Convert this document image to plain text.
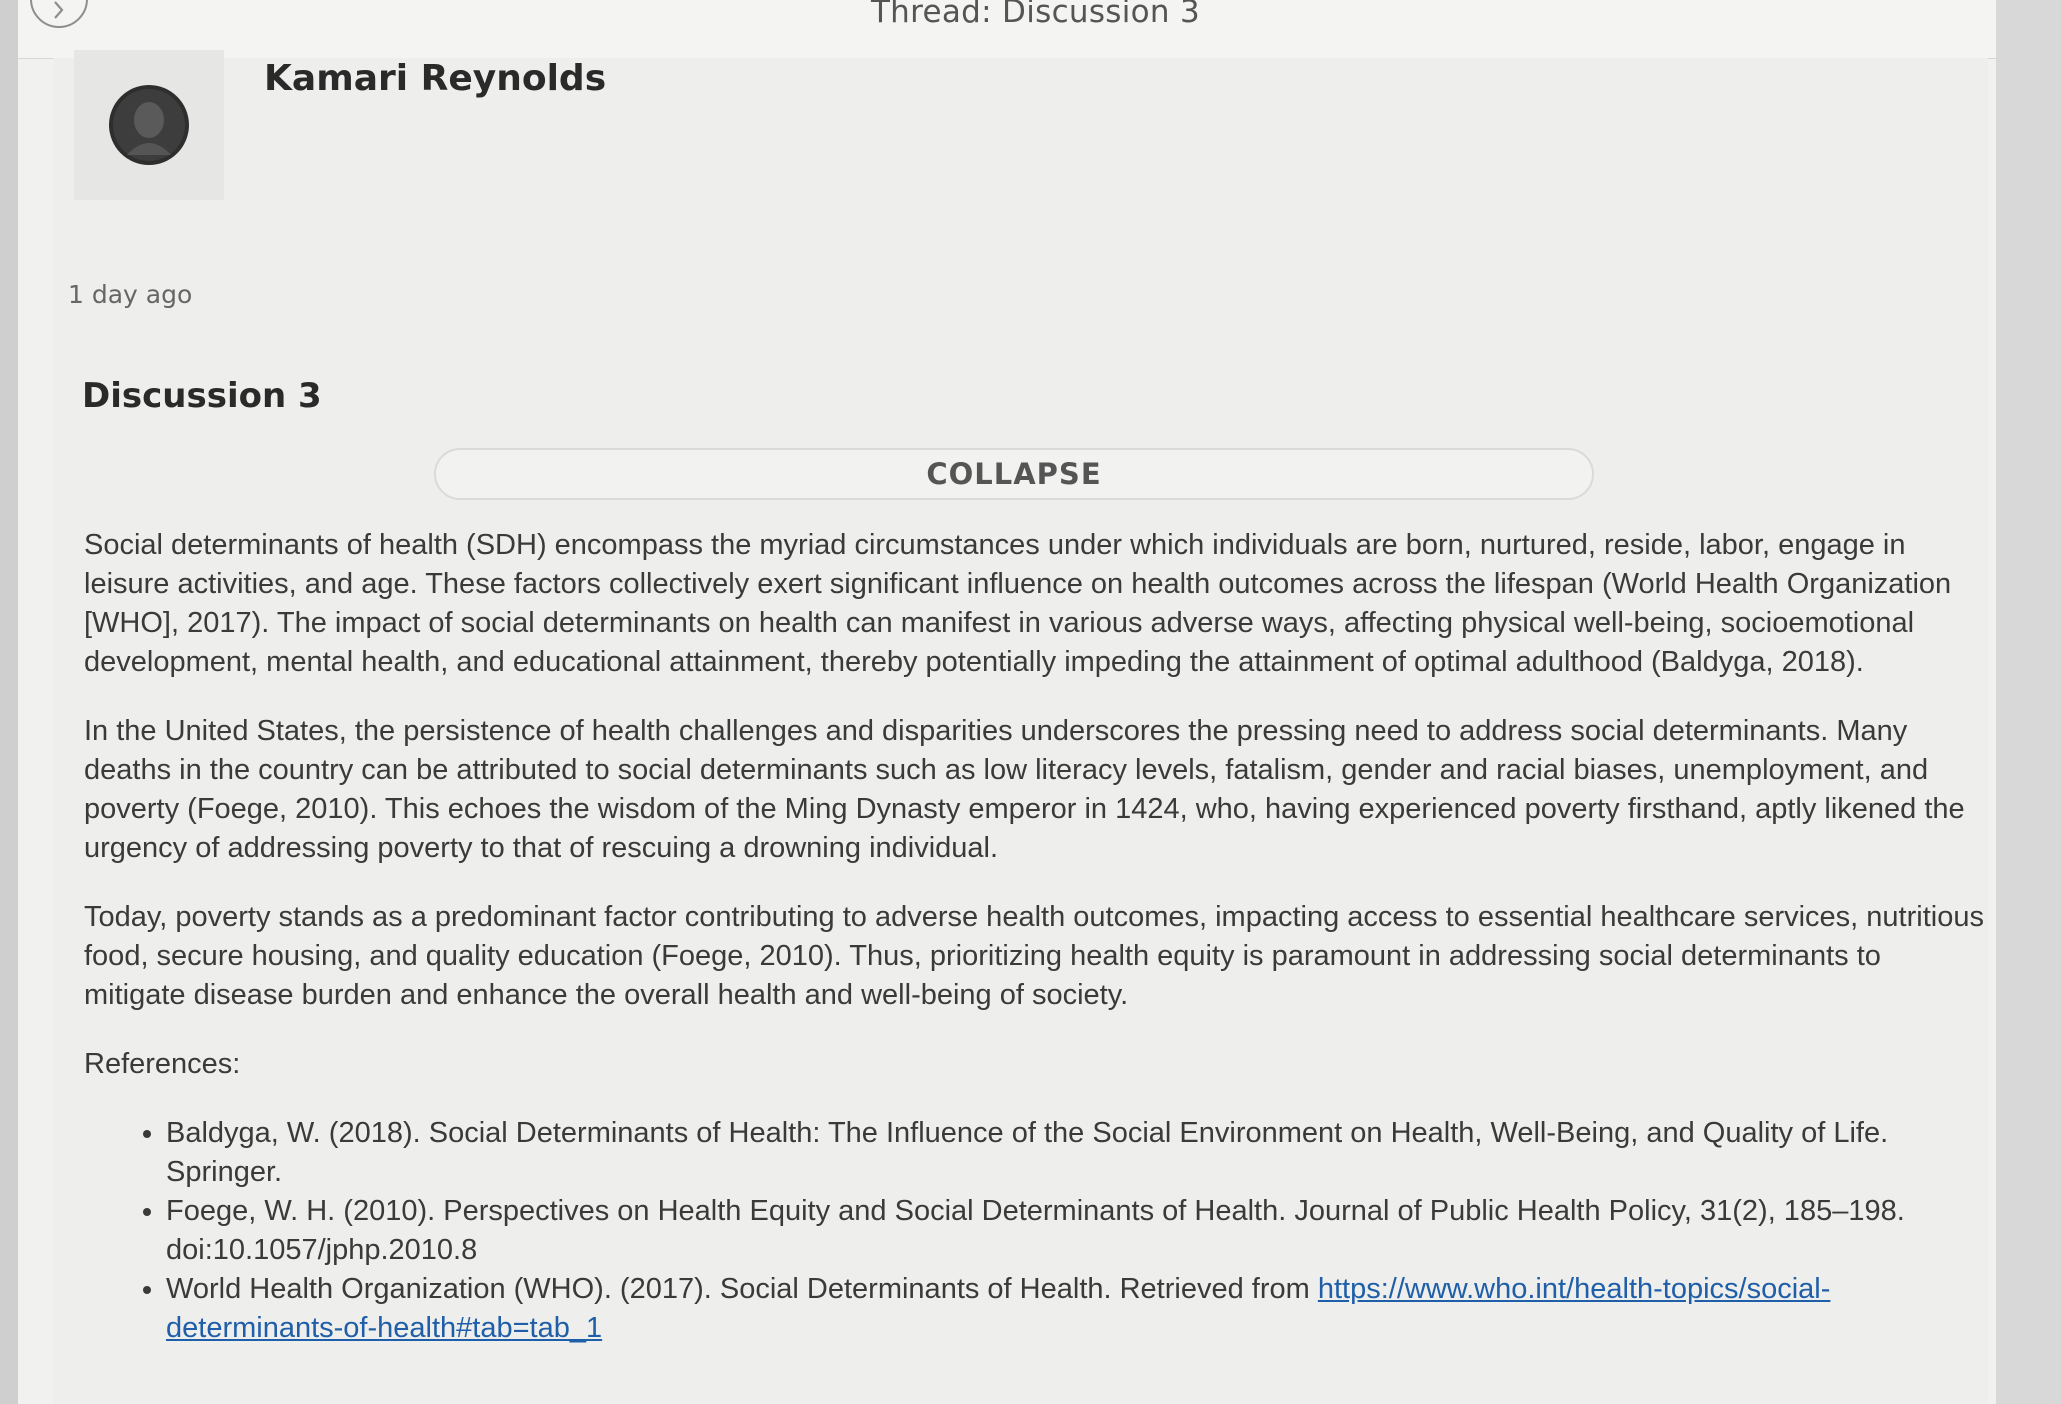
Thread: Discussion 3
Kamari Reynolds
1 day ago
Discussion 3
COLLAPSE

Social determinants of health (SDH) encompass the myriad circumstances under which individuals are born, nurtured, reside, labor, engage in leisure activities, and age. These factors collectively exert significant influence on health outcomes across the lifespan (World Health Organization [WHO], 2017). The impact of social determinants on health can manifest in various adverse ways, affecting physical well-being, socioemotional development, mental health, and educational attainment, thereby potentially impeding the attainment of optimal adulthood (Baldyga, 2018).

In the United States, the persistence of health challenges and disparities underscores the pressing need to address social determinants. Many deaths in the country can be attributed to social determinants such as low literacy levels, fatalism, gender and racial biases, unemployment, and poverty (Foege, 2010). This echoes the wisdom of the Ming Dynasty emperor in 1424, who, having experienced poverty firsthand, aptly likened the urgency of addressing poverty to that of rescuing a drowning individual.

Today, poverty stands as a predominant factor contributing to adverse health outcomes, impacting access to essential healthcare services, nutritious food, secure housing, and quality education (Foege, 2010). Thus, prioritizing health equity is paramount in addressing social determinants to mitigate disease burden and enhance the overall health and well-being of society.

References:

• Baldyga, W. (2018). Social Determinants of Health: The Influence of the Social Environment on Health, Well-Being, and Quality of Life. Springer.
• Foege, W. H. (2010). Perspectives on Health Equity and Social Determinants of Health. Journal of Public Health Policy, 31(2), 185–198. doi:10.1057/jphp.2010.8
• World Health Organization (WHO). (2017). Social Determinants of Health. Retrieved from https://www.who.int/health-topics/social-determinants-of-health#tab=tab_1
